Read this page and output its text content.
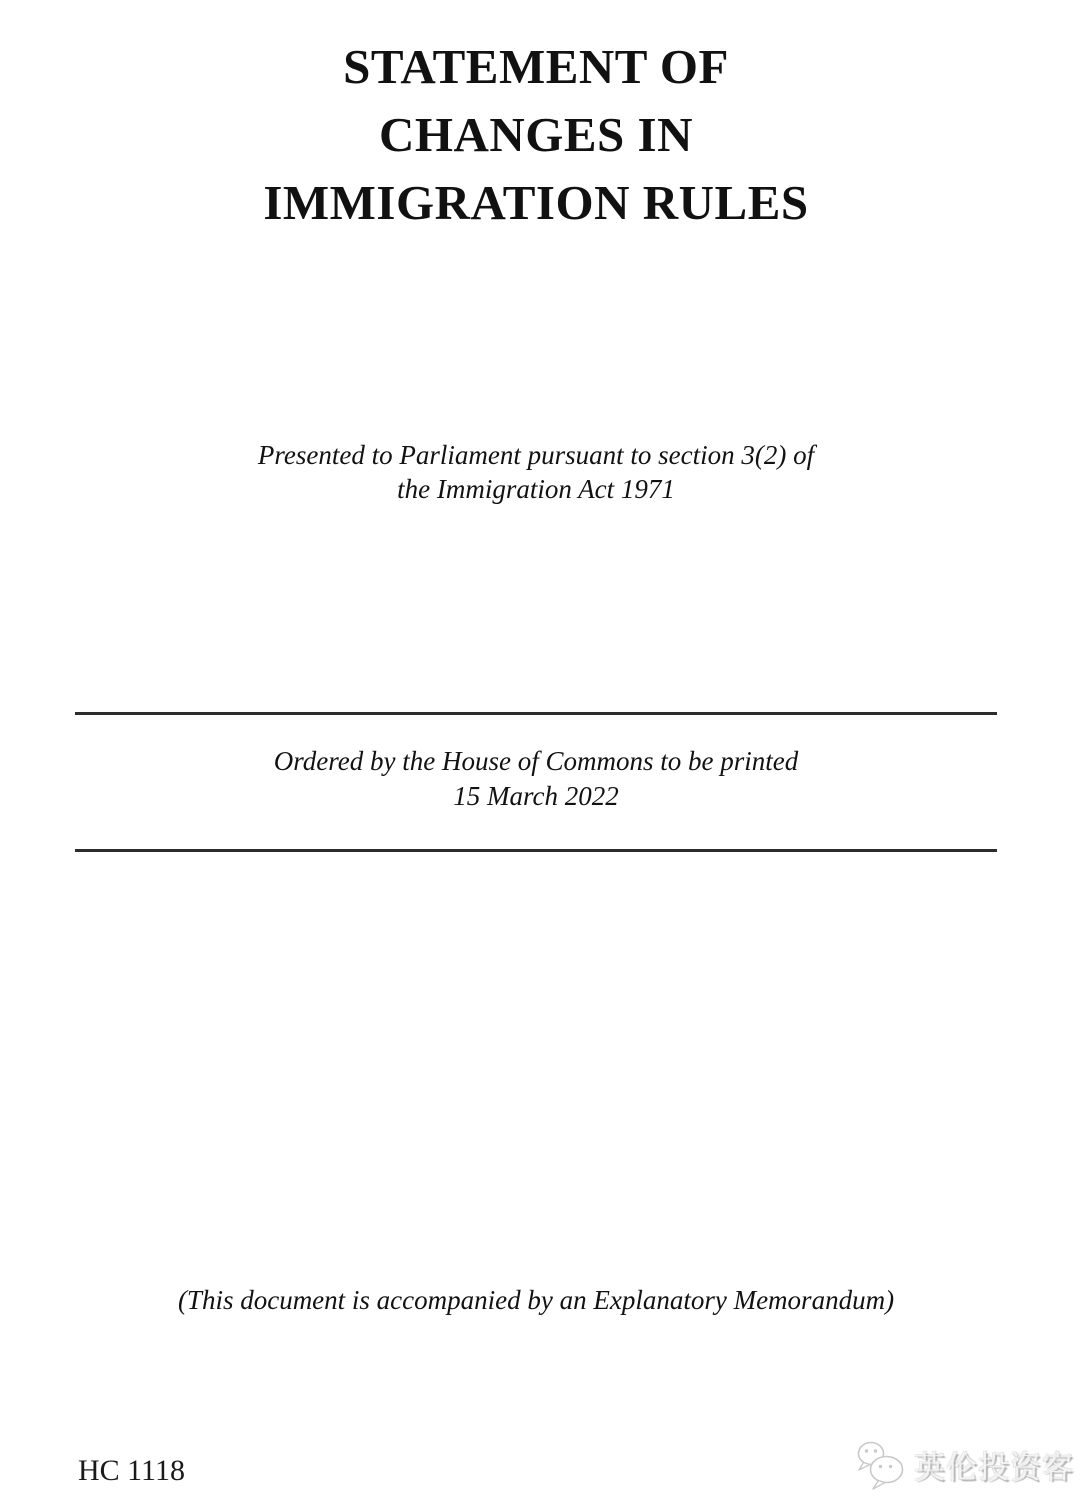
STATEMENT OF
CHANGES IN
IMMIGRATION RULES
Presented to Parliament pursuant to section 3(2) of
the Immigration Act 1971
Ordered by the House of Commons to be printed
15 March 2022
(This document is accompanied by an Explanatory Memorandum)
HC 1118	英伦投资客
